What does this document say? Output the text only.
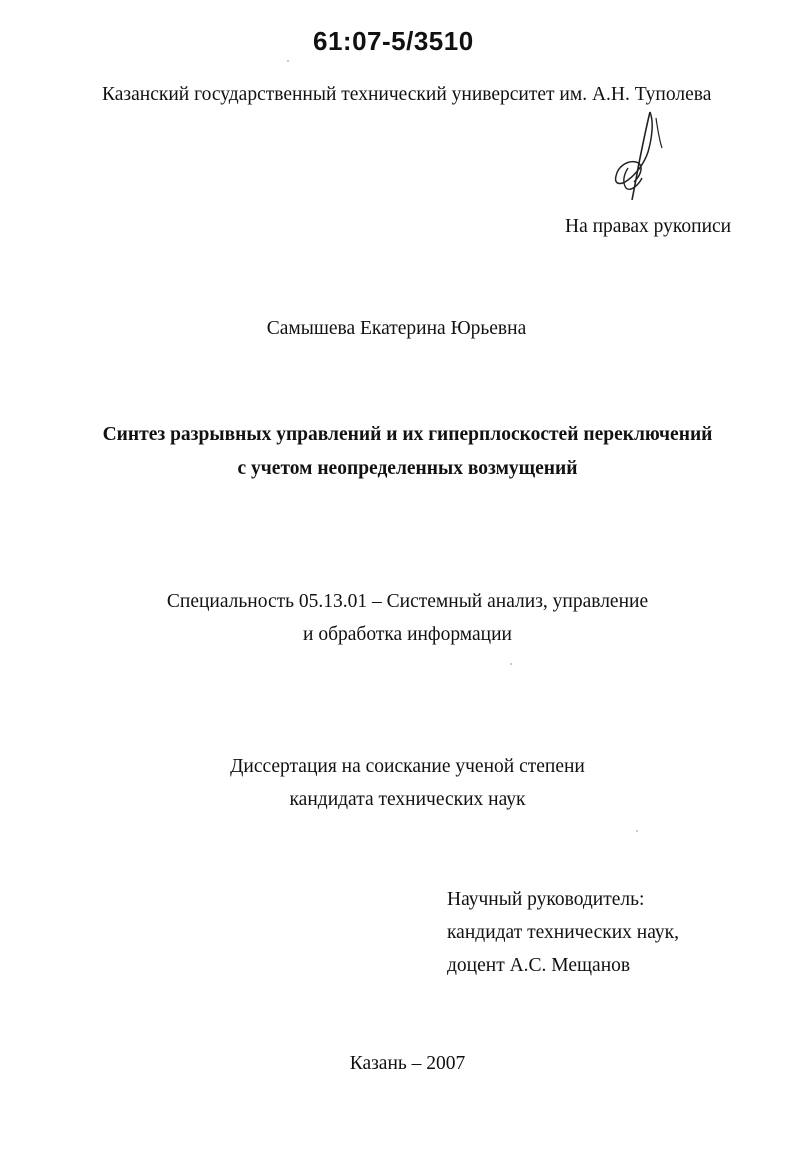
61:07-5/3510
Казанский государственный технический университет им. А.Н. Туполева
На правах рукописи
Самышева Екатерина Юрьевна
Синтез разрывных управлений и их гиперплоскостей переключений
с учетом неопределенных возмущений
Специальность 05.13.01 – Системный анализ, управление
и обработка информации
Диссертация на соискание ученой степени
кандидата технических наук
Научный руководитель:
кандидат технических наук,
доцент А.С. Мещанов
Казань – 2007
